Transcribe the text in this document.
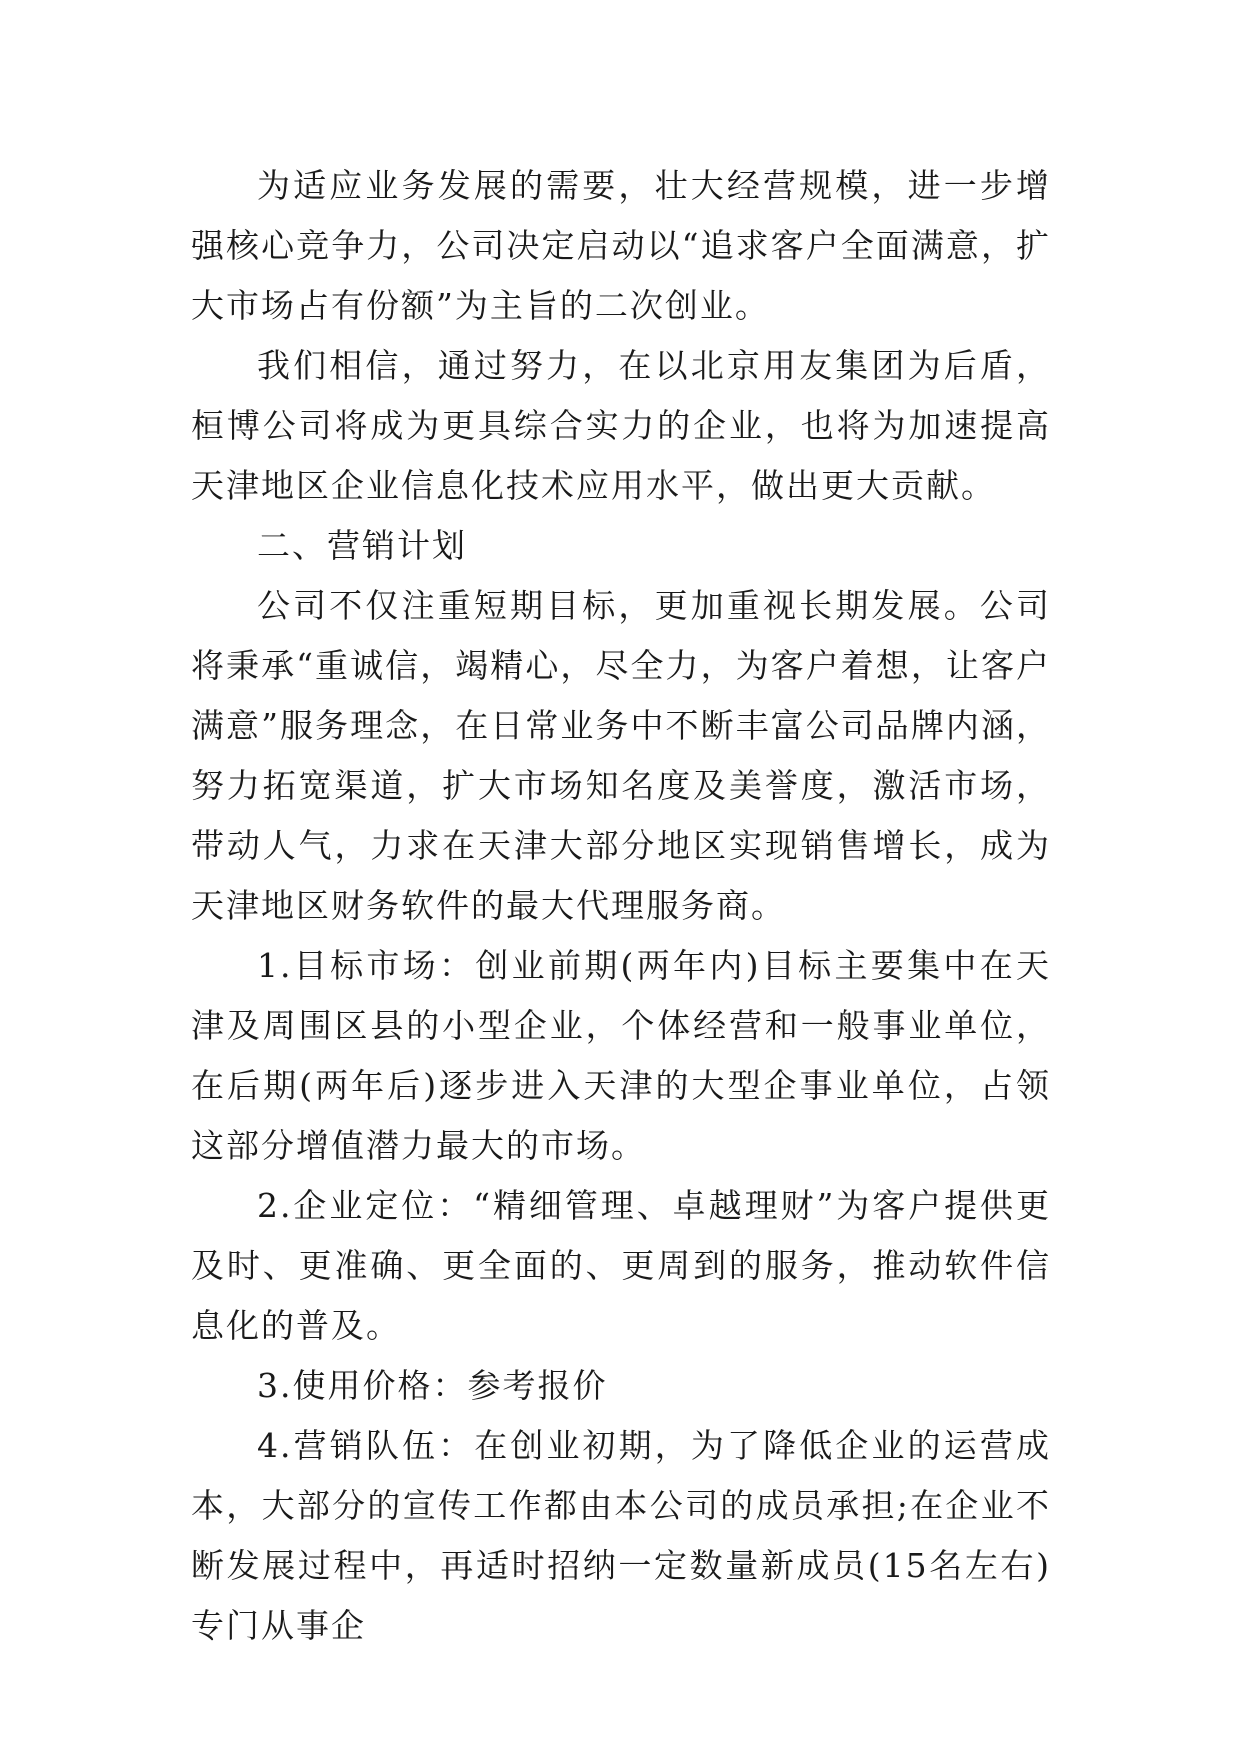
为适应业务发展的需要，壮大经营规模，进一步增强核心竞争力，公司决定启动以“追求客户全面满意，扩大市场占有份额”为主旨的二次创业。

我们相信，通过努力，在以北京用友集团为后盾，桓博公司将成为更具综合实力的企业，也将为加速提高天津地区企业信息化技术应用水平，做出更大贡献。

二、营销计划

公司不仅注重短期目标，更加重视长期发展。公司将秉承“重诚信，竭精心，尽全力，为客户着想，让客户满意”服务理念，在日常业务中不断丰富公司品牌内涵，努力拓宽渠道，扩大市场知名度及美誉度，激活市场，带动人气，力求在天津大部分地区实现销售增长，成为天津地区财务软件的最大代理服务商。

1.目标市场：创业前期(两年内)目标主要集中在天津及周围区县的小型企业，个体经营和一般事业单位，在后期(两年后)逐步进入天津的大型企事业单位，占领这部分增值潜力最大的市场。

2.企业定位：“精细管理、卓越理财”为客户提供更及时、更准确、更全面的、更周到的服务，推动软件信息化的普及。

3.使用价格：参考报价

4.营销队伍：在创业初期，为了降低企业的运营成本，大部分的宣传工作都由本公司的成员承担;在企业不断发展过程中，再适时招纳一定数量新成员(15名左右)专门从事企
